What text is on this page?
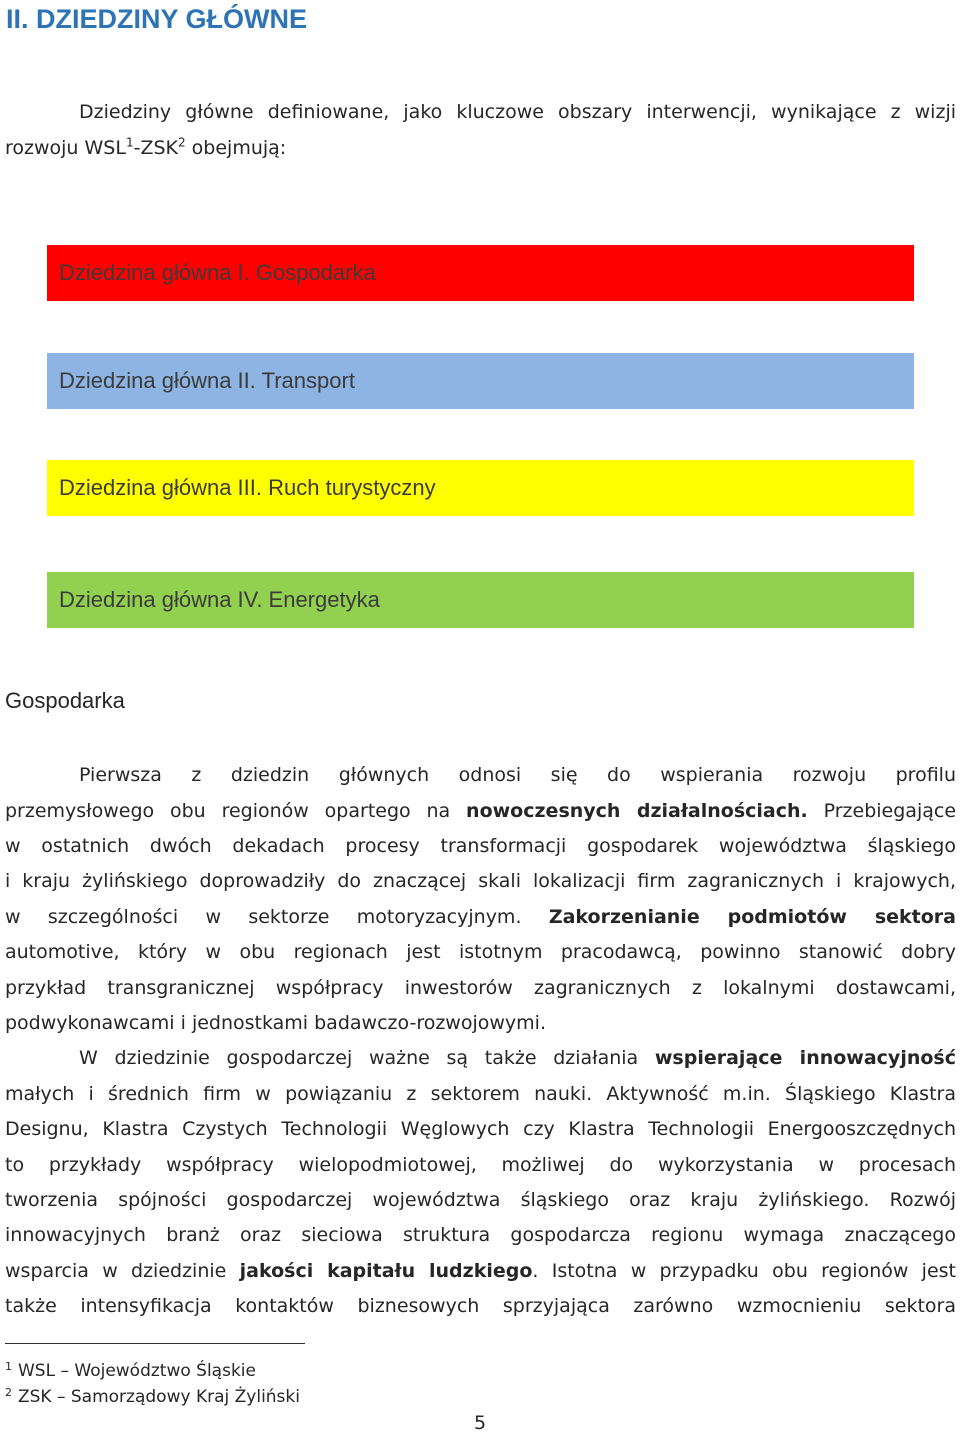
II. DZIEDZINY GŁÓWNE
Dziedziny główne definiowane, jako kluczowe obszary interwencji, wynikające z wizji
rozwoju WSL$^1$-ZSK$^2$ obejmują:
Dziedzina główna I. Gospodarka
Dziedzina główna II. Transport
Dziedzina główna III. Ruch turystyczny
Dziedzina główna IV. Energetyka
Gospodarka
Pierwsza z dziedzin głównych odnosi się do wspierania rozwoju profilu
przemysłowego obu regionów opartego na nowoczesnych działalnościach. Przebiegające
w ostatnich dwóch dekadach procesy transformacji gospodarek województwa śląskiego
i kraju żylińskiego doprowadziły do znaczącej skali lokalizacji firm zagranicznych i krajowych,
w szczególności w sektorze motoryzacyjnym. Zakorzenianie podmiotów sektora
automotive, który w obu regionach jest istotnym pracodawcą, powinno stanowić dobry
przykład transgranicznej współpracy inwestorów zagranicznych z lokalnymi dostawcami,
podwykonawcami i jednostkami badawczo-rozwojowymi.
W dziedzinie gospodarczej ważne są także działania wspierające innowacyjność
małych i średnich firm w powiązaniu z sektorem nauki. Aktywność m.in. Śląskiego Klastra
Designu, Klastra Czystych Technologii Węglowych czy Klastra Technologii Energooszczędnych
to przykłady współpracy wielopodmiotowej, możliwej do wykorzystania w procesach
tworzenia spójności gospodarczej województwa śląskiego oraz kraju żylińskiego. Rozwój
innowacyjnych branż oraz sieciowa struktura gospodarcza regionu wymaga znaczącego
wsparcia w dziedzinie jakości kapitału ludzkiego. Istotna w przypadku obu regionów jest
także intensyfikacja kontaktów biznesowych sprzyjająca zarówno wzmocnieniu sektora
$^1$ WSL – Województwo Śląskie
$^2$ ZSK – Samorządowy Kraj Żyliński
5
